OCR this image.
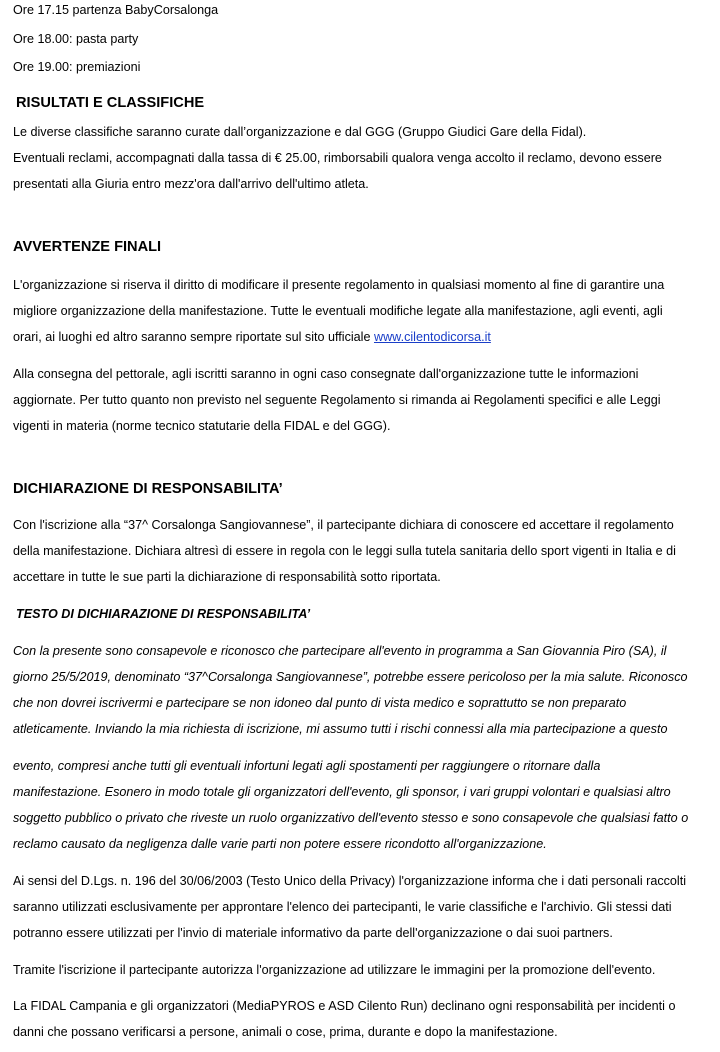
Ore 17.15 partenza BabyCorsalonga
Ore 18.00: pasta party
Ore 19.00: premiazioni
RISULTATI E CLASSIFICHE
Le diverse classifiche saranno curate dall’organizzazione e dal GGG (Gruppo Giudici Gare della Fidal).
Eventuali reclami, accompagnati dalla tassa di € 25.00, rimborsabili qualora venga accolto il reclamo, devono essere
presentati alla Giuria entro mezz'ora dall'arrivo dell'ultimo atleta.
AVVERTENZE FINALI
L'organizzazione si riserva il diritto di modificare il presente regolamento in qualsiasi momento al fine di garantire una
migliore organizzazione della manifestazione. Tutte le eventuali modifiche legate alla manifestazione, agli eventi, agli
orari, ai luoghi ed altro saranno sempre riportate sul sito ufficiale www.cilentodicorsa.it
Alla consegna del pettorale, agli iscritti saranno in ogni caso consegnate dall'organizzazione tutte le informazioni
aggiornate. Per tutto quanto non previsto nel seguente Regolamento si rimanda ai Regolamenti specifici e alle Leggi
vigenti in materia (norme tecnico statutarie della FIDAL e del GGG).
DICHIARAZIONE DI RESPONSABILITA’
Con l'iscrizione alla “37^ Corsalonga Sangiovannese”, il partecipante dichiara di conoscere ed accettare il regolamento
della manifestazione. Dichiara altresì di essere in regola con le leggi sulla tutela sanitaria dello sport vigenti in Italia e di
accettare in tutte le sue parti la dichiarazione di responsabilità sotto riportata.
TESTO DI DICHIARAZIONE DI RESPONSABILITA’
Con la presente sono consapevole e riconosco che partecipare all'evento in programma a San Giovannia Piro (SA), il
giorno 25/5/2019, denominato “37^Corsalonga Sangiovannese”, potrebbe essere pericoloso per la mia salute. Riconosco
che non dovrei iscrivermi e partecipare se non idoneo dal punto di vista medico e soprattutto se non preparato
atleticamente. Inviando la mia richiesta di iscrizione, mi assumo tutti i rischi connessi alla mia partecipazione a questo
evento, compresi anche tutti gli eventuali infortuni legati agli spostamenti per raggiungere o ritornare dalla
manifestazione. Esonero in modo totale gli organizzatori dell'evento, gli sponsor, i vari gruppi volontari e qualsiasi altro
soggetto pubblico o privato che riveste un ruolo organizzativo dell'evento stesso e sono consapevole che qualsiasi fatto o
reclamo causato da negligenza dalle varie parti non potere essere ricondotto all'organizzazione.
Ai sensi del D.Lgs. n. 196 del 30/06/2003 (Testo Unico della Privacy) l'organizzazione informa che i dati personali raccolti
saranno utilizzati esclusivamente per approntare l'elenco dei partecipanti, le varie classifiche e l'archivio. Gli stessi dati
potranno essere utilizzati per l'invio di materiale informativo da parte dell'organizzazione o dai suoi partners.
Tramite l'iscrizione il partecipante autorizza l'organizzazione ad utilizzare le immagini per la promozione dell'evento.
La FIDAL Campania e gli organizzatori (MediaPYROS e ASD Cilento Run) declinano ogni responsabilità per incidenti o
danni che possano verificarsi a persone, animali o cose, prima, durante e dopo la manifestazione.
